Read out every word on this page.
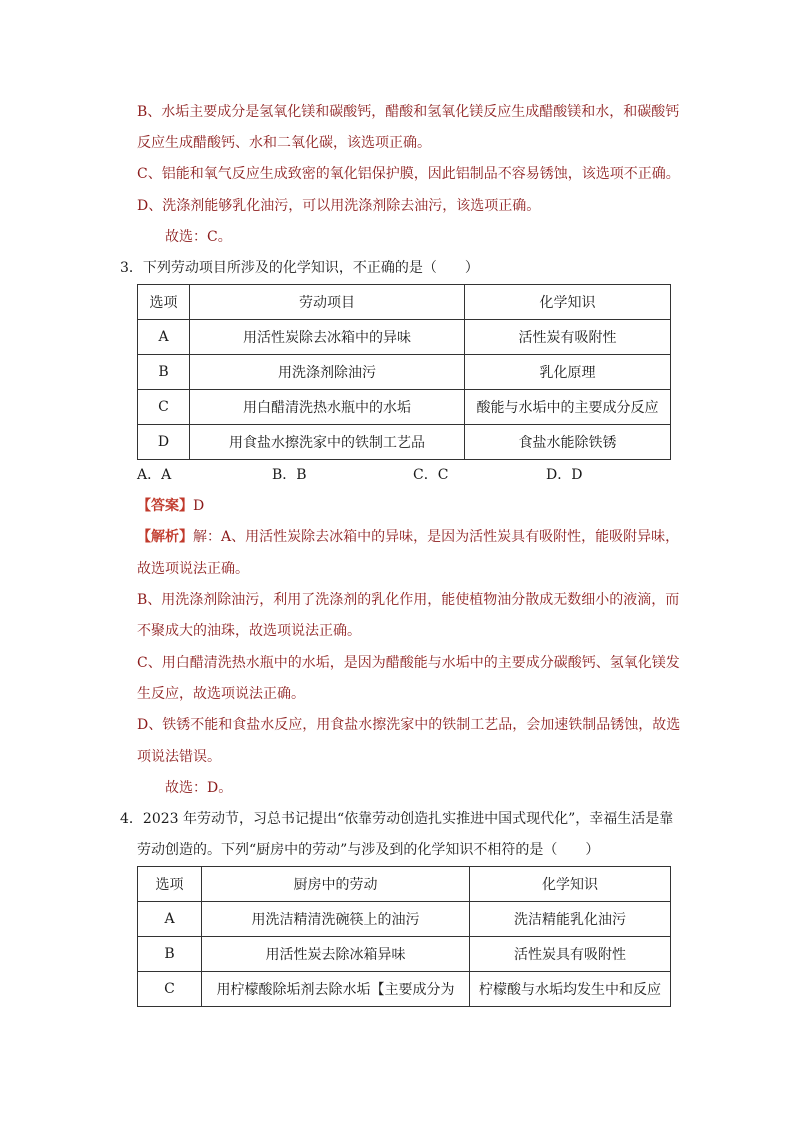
B、水垢主要成分是氢氧化镁和碳酸钙，醋酸和氢氧化镁反应生成醋酸镁和水，和碳酸钙
反应生成醋酸钙、水和二氧化碳，该选项正确。
C、铝能和氧气反应生成致密的氧化铝保护膜，因此铝制品不容易锈蚀，该选项不正确。
D、洗涤剂能够乳化油污，可以用洗涤剂除去油污，该选项正确。
故选：C。
3．下列劳动项目所涉及的化学知识，不正确的是（　　）
选项	劳动项目	化学知识
A	用活性炭除去冰箱中的异味	活性炭有吸附性
B	用洗涤剂除油污	乳化原理
C	用白醋清洗热水瓶中的水垢	酸能与水垢中的主要成分反应
D	用食盐水擦洗家中的铁制工艺品	食盐水能除铁锈
A．A	B．B	C．C	D．D
【答案】D
【解析】解：A、用活性炭除去冰箱中的异味，是因为活性炭具有吸附性，能吸附异味，
故选项说法正确。
B、用洗涤剂除油污，利用了洗涤剂的乳化作用，能使植物油分散成无数细小的液滴，而
不聚成大的油珠，故选项说法正确。
C、用白醋清洗热水瓶中的水垢，是因为醋酸能与水垢中的主要成分碳酸钙、氢氧化镁发
生反应，故选项说法正确。
D、铁锈不能和食盐水反应，用食盐水擦洗家中的铁制工艺品，会加速铁制品锈蚀，故选
项说法错误。
故选：D。
4．2023 年劳动节，习总书记提出“依靠劳动创造扎实推进中国式现代化”，幸福生活是靠
劳动创造的。下列“厨房中的劳动”与涉及到的化学知识不相符的是（　　）
选项	厨房中的劳动	化学知识
A	用洗洁精清洗碗筷上的油污	洗洁精能乳化油污
B	用活性炭去除冰箱异味	活性炭具有吸附性
C	用柠檬酸除垢剂去除水垢【主要成分为	柠檬酸与水垢均发生中和反应
